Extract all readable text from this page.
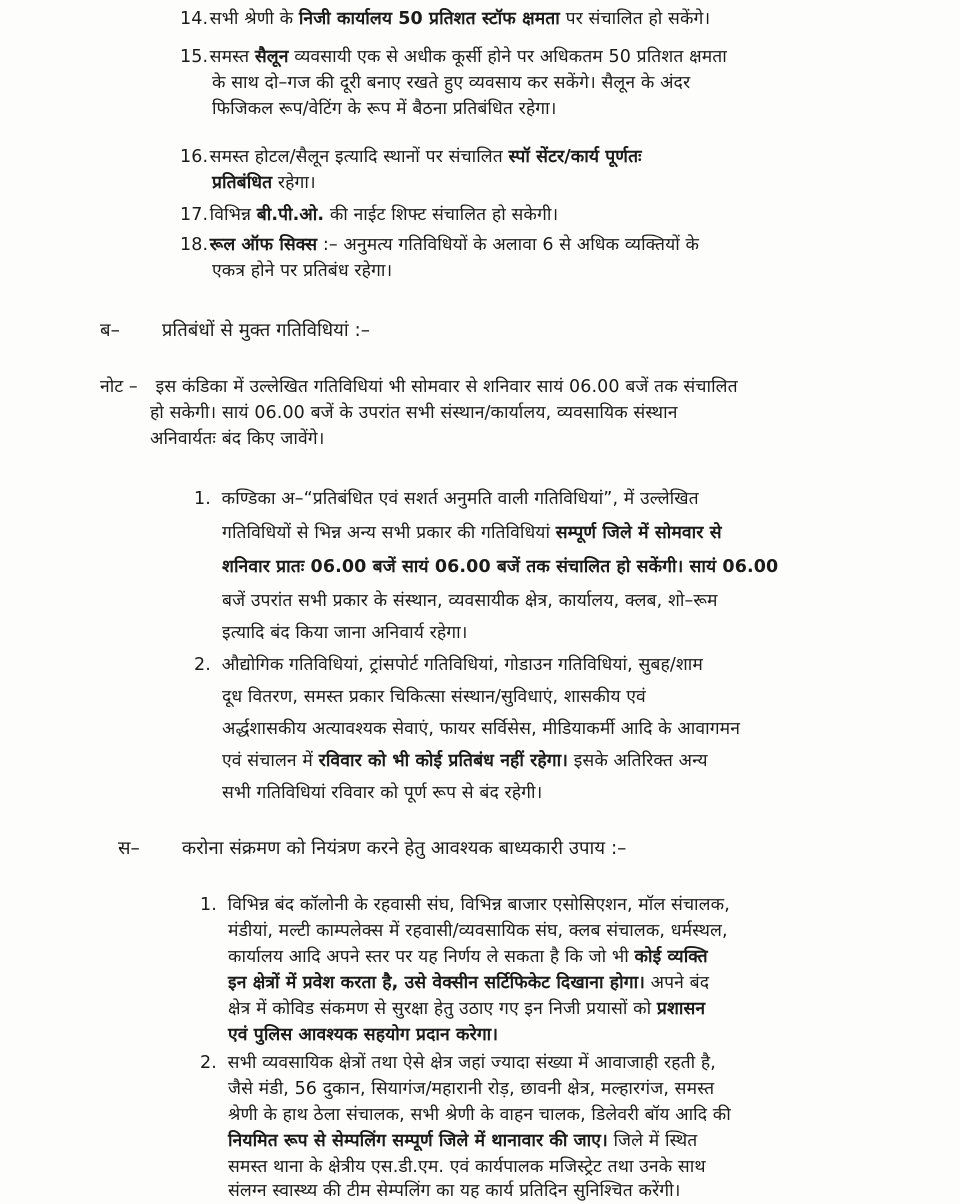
14. सभी श्रेणी के निजी कार्यालय 50 प्रतिशत स्टॉफ क्षमता पर संचालित हो सकेंगे।
15. समस्त सैलून व्यवसायी एक से अधीक कूर्सी होने पर अधिकतम 50 प्रतिशत क्षमता
के साथ दो–गज की दूरी बनाए रखते हुए व्यवसाय कर सकेंगे। सैलून के अंदर
फिजिकल रूप/वेटिंग के रूप में बैठना प्रतिबंधित रहेगा।
16. समस्त होटल/सैलून इत्यादि स्थानों पर संचालित स्पॉ सेंटर/कार्य पूर्णतः
प्रतिबंधित रहेगा।
17. विभिन्न बी.पी.ओ. की नाईट शिफ्ट संचालित हो सकेगी।
18. रूल ऑफ सिक्स :– अनुमत्य गतिविधियों के अलावा 6 से अधिक व्यक्तियों के
एकत्र होने पर प्रतिबंध रहेगा।
ब– प्रतिबंधों से मुक्त गतिविधियां :–
नोट – इस कंडिका में उल्लेखित गतिविधियां भी सोमवार से शनिवार सायं 06.00 बजें तक संचालित
हो सकेगी। सायं 06.00 बजें के उपरांत सभी संस्थान/कार्यालय, व्यवसायिक संस्थान
अनिवार्यतः बंद किए जावेंगे।
1. कण्डिका अ–“प्रतिबंधित एवं सशर्त अनुमति वाली गतिविधियां”, में उल्लेखित
गतिविधियों से भिन्न अन्य सभी प्रकार की गतिविधियां सम्पूर्ण जिले में सोमवार से
शनिवार प्रातः 06.00 बजें सायं 06.00 बजें तक संचालित हो सकेंगी। सायं 06.00
बजें उपरांत सभी प्रकार के संस्थान, व्यवसायीक क्षेत्र, कार्यालय, क्लब, शो–रूम
इत्यादि बंद किया जाना अनिवार्य रहेगा।
2. औद्योगिक गतिविधियां, ट्रांसपोर्ट गतिविधियां, गोडाउन गतिविधियां, सुबह/शाम
दूध वितरण, समस्त प्रकार चिकित्सा संस्थान/सुविधाएं, शासकीय एवं
अर्द्धशासकीय अत्यावश्यक सेवाएं, फायर सर्विसेस, मीडियाकर्मी आदि के आवागमन
एवं संचालन में रविवार को भी कोई प्रतिबंध नहीं रहेगा। इसके अतिरिक्त अन्य
सभी गतिविधियां रविवार को पूर्ण रूप से बंद रहेगी।
स– करोना संक्रमण को नियंत्रण करने हेतु आवश्यक बाध्यकारी उपाय :–
1. विभिन्न बंद कॉलोनी के रहवासी संघ, विभिन्न बाजार एसोसिएशन, मॉल संचालक,
मंडीयां, मल्टी काम्पलेक्स में रहवासी/व्यवसायिक संघ, क्लब संचालक, धर्मस्थल,
कार्यालय आदि अपने स्तर पर यह निर्णय ले सकता है कि जो भी कोई व्यक्ति
इन क्षेत्रों में प्रवेश करता है, उसे वेक्सीन सर्टिफिकेट दिखाना होगा। अपने बंद
क्षेत्र में कोविड संकमण से सुरक्षा हेतु उठाए गए इन निजी प्रयासों को प्रशासन
एवं पुलिस आवश्यक सहयोग प्रदान करेगा।
2. सभी व्यवसायिक क्षेत्रों तथा ऐसे क्षेत्र जहां ज्यादा संख्या में आवाजाही रहती है,
जैसे मंडी, 56 दुकान, सियागंज/महारानी रोड़, छावनी क्षेत्र, मल्हारगंज, समस्त
श्रेणी के हाथ ठेला संचालक, सभी श्रेणी के वाहन चालक, डिलेवरी बॉय आदि की
नियमित रूप से सेम्पलिंग सम्पूर्ण जिले में थानावार की जाए। जिले में स्थित
समस्त थाना के क्षेत्रीय एस.डी.एम. एवं कार्यपालक मजिस्ट्रेट तथा उनके साथ
संलग्न स्वास्थ्य की टीम सेम्पलिंग का यह कार्य प्रतिदिन सुनिश्चित करेंगी।
